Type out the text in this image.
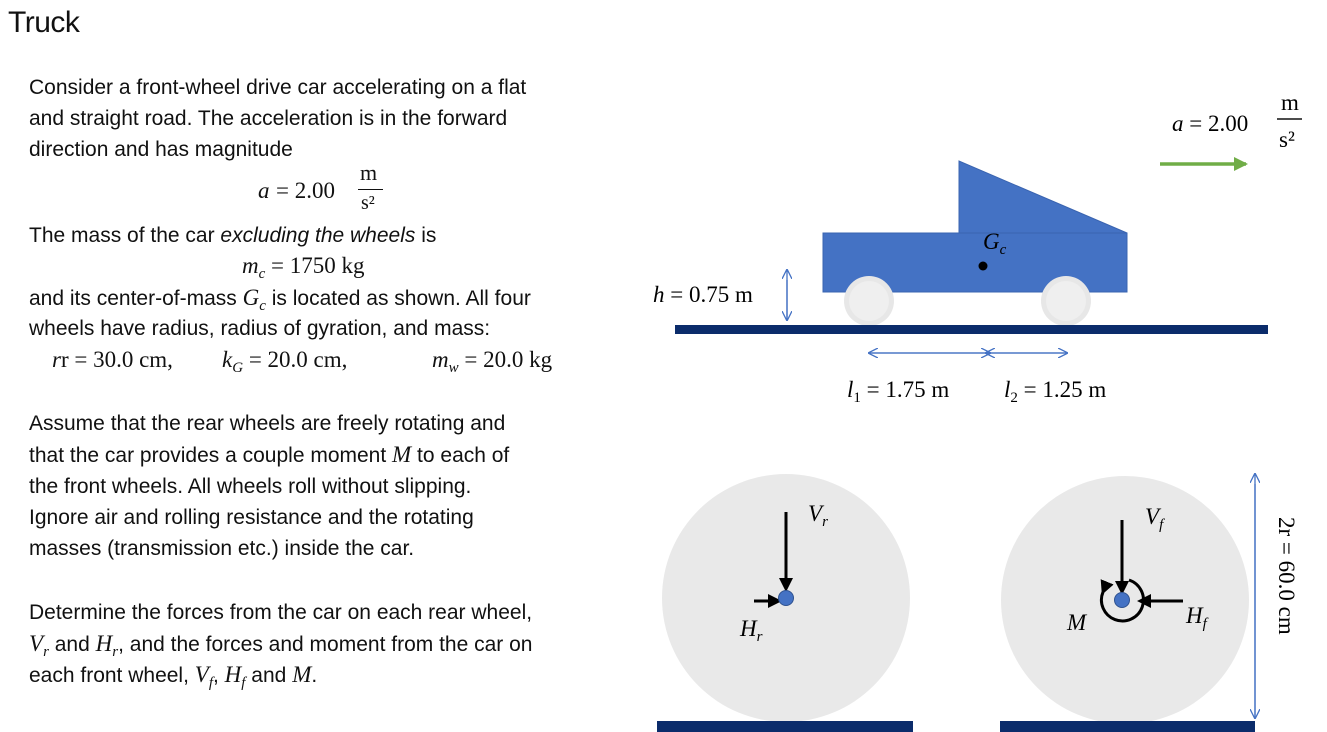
Truck
Consider a front-wheel drive car accelerating on a flat
and straight road. The acceleration is in the forward
direction and has magnitude
a = 2.00
m
s²
The mass of the car excluding the wheels is
$m_c = 1750$ kg
and its center-of-mass $G_c$ is located as shown. All four
wheels have radius, radius of gyration, and mass:
rr = 30.0 cm, $k_G = 20.0$ cm,	$m_w = 20.0$ kg
Assume that the rear wheels are freely rotating and
that the car provides a couple moment M to each of
the front wheels. All wheels roll without slipping.
Ignore air and rolling resistance and the rotating
masses (transmission etc.) inside the car.
Determine the forces from the car on each rear wheel,
$V_r$ and $H_r$, and the forces and moment from the car on
each front wheel, $V_f$, $H_f$ and M.
a = 2.00
m
s²
$G_c$
h = 0.75 m
$l_1 = 1.75$ m $l_2 = 1.25$ m
$V_r$
$H_r$
$V_f$
$H_f$
M	2r = 60.0 cm
